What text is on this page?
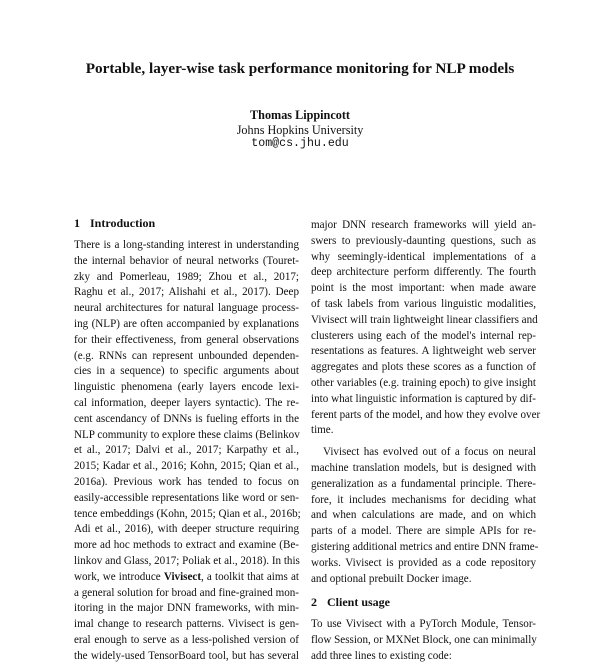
Portable, layer-wise task performance monitoring for NLP models
Thomas Lippincott
Johns Hopkins University
tom@cs.jhu.edu
1 Introduction
There is a long-standing interest in understanding
the internal behavior of neural networks (Touret-
zky and Pomerleau, 1989; Zhou et al., 2017;
Raghu et al., 2017; Alishahi et al., 2017). Deep
neural architectures for natural language process-
ing (NLP) are often accompanied by explanations
for their effectiveness, from general observations
(e.g. RNNs can represent unbounded dependen-
cies in a sequence) to specific arguments about
linguistic phenomena (early layers encode lexi-
cal information, deeper layers syntactic). The re-
cent ascendancy of DNNs is fueling efforts in the
NLP community to explore these claims (Belinkov
et al., 2017; Dalvi et al., 2017; Karpathy et al.,
2015; Kadar et al., 2016; Kohn, 2015; Qian et al.,
2016a). Previous work has tended to focus on
easily-accessible representations like word or sen-
tence embeddings (Kohn, 2015; Qian et al., 2016b;
Adi et al., 2016), with deeper structure requiring
more ad hoc methods to extract and examine (Be-
linkov and Glass, 2017; Poliak et al., 2018). In this
work, we introduce Vivisect, a toolkit that aims at
a general solution for broad and fine-grained mon-
itoring in the major DNN frameworks, with min-
imal change to research patterns. Vivisect is gen-
eral enough to serve as a less-polished version of
the widely-used TensorBoard tool, but has several
major DNN research frameworks will yield an-
swers to previously-daunting questions, such as
why seemingly-identical implementations of a
deep architecture perform differently. The fourth
point is the most important: when made aware
of task labels from various linguistic modalities,
Vivisect will train lightweight linear classifiers and
clusterers using each of the model's internal rep-
resentations as features. A lightweight web server
aggregates and plots these scores as a function of
other variables (e.g. training epoch) to give insight
into what linguistic information is captured by dif-
ferent parts of the model, and how they evolve over
time.
Vivisect has evolved out of a focus on neural
machine translation models, but is designed with
generalization as a fundamental principle. There-
fore, it includes mechanisms for deciding what
and when calculations are made, and on which
parts of a model. There are simple APIs for re-
gistering additional metrics and entire DNN frame-
works. Vivisect is provided as a code repository
and optional prebuilt Docker image.
2 Client usage
To use Vivisect with a PyTorch Module, Tensor-
flow Session, or MXNet Block, one can minimally
add three lines to existing code:
